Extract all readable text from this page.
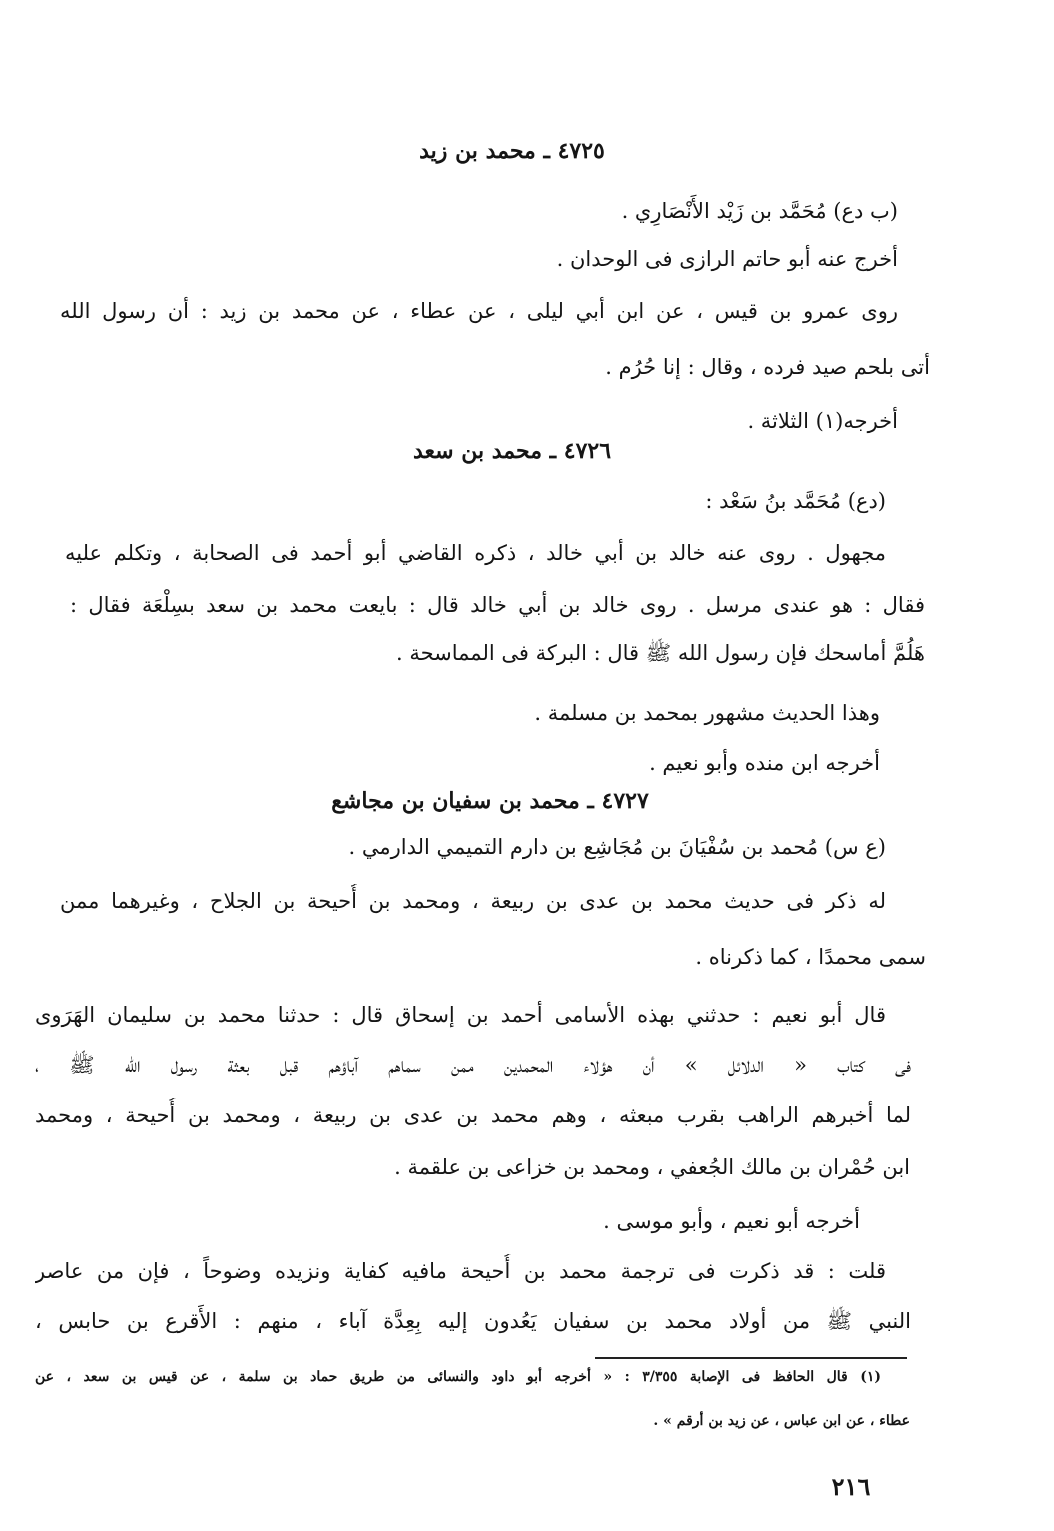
٤٧٢٥ ـ محمد بن زيد
(ب دع) مُحَمَّد بن زَيْد الأَنْصَارِي .
أخرج عنه أبو حاتم الرازى فى الوحدان .
روى عمرو بن قيس ، عن ابن أبي ليلى ، عن عطاء ، عن محمد بن زيد : أن رسول الله
أتى بلحم صيد فرده ، وقال : إنا حُرُم .
أخرجه(١) الثلاثة .
٤٧٢٦ ـ محمد بن سعد
(دع) مُحَمَّد بنُ سَعْد :
مجهول . روى عنه خالد بن أبي خالد ، ذكره القاضي أبو أحمد فى الصحابة ، وتكلم عليه
فقال : هو عندى مرسل . روى خالد بن أبي خالد قال : بايعت محمد بن سعد بسِلْعَة فقال :
هَلُمَّ أماسحك فإن رسول الله ﷺ قال : البركة فى المماسحة .
وهذا الحديث مشهور بمحمد بن مسلمة .
أخرجه ابن منده وأبو نعيم .
٤٧٢٧ ـ محمد بن سفيان بن مجاشع
(ع س) مُحمد بن سُفْيَانَ بن مُجَاشِع بن دارم التميمي الدارمي .
له ذكر فى حديث محمد بن عدى بن ربيعة ، ومحمد بن أُحيحة بن الجلاح ، وغيرهما ممن
سمى محمدًا ، كما ذكرناه .
قال أبو نعيم : حدثني بهذه الأسامى أحمد بن إسحاق قال : حدثنا محمد بن سليمان الهَرَوى
فى كتاب « الدلائل » أن هؤلاء المحمدين ممن سماهم آباؤهم قبل بعثة رسول الله ﷺ ،
لما أخبرهم الراهب بقرب مبعثه ، وهم محمد بن عدى بن ربيعة ، ومحمد بن أُحيحة ، ومحمد
ابن حُمْران بن مالك الجُعفي ، ومحمد بن خزاعى بن علقمة .
أخرجه أبو نعيم ، وأبو موسى .
قلت : قد ذكرت فى ترجمة محمد بن أُحيحة مافيه كفاية ونزيده وضوحاً ، فإن من عاصر
النبي ﷺ من أولاد محمد بن سفيان يَعُدون إليه بِعِدَّة آباء ، منهم : الأَقرع بن حابس ،
(١) قال الحافظ فى الإصابة ٣/٣٥٥ : « أخرجه أبو داود والنسائى من طريق حماد بن سلمة ، عن قيس بن سعد ، عن
عطاء ، عن ابن عباس ، عن زيد بن أرقم » .
٢١٦
